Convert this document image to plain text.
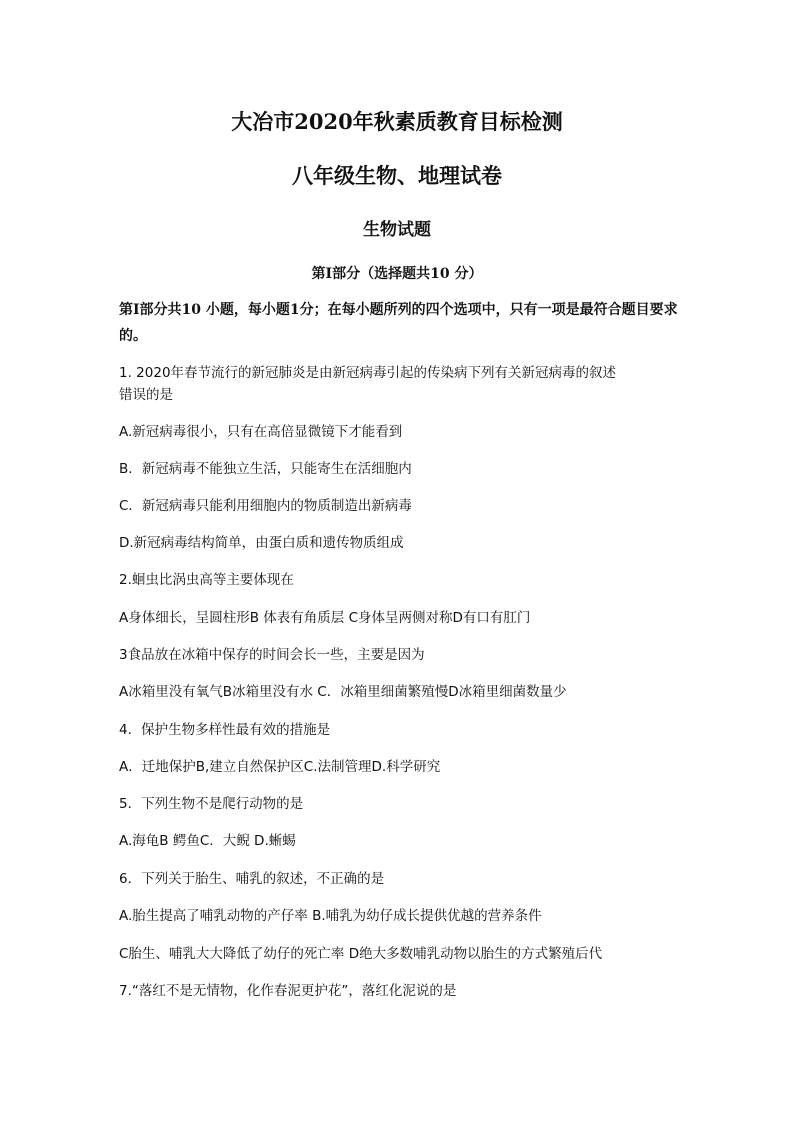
大冶市2020年秋素质教育目标检测
八年级生物、地理试卷
生物试题
第Ⅰ部分（选择题共10 分）
第Ⅰ部分共10 小题，每小题1分；在每小题所列的四个选项中，只有一项是最符合题目要求的。
1. 2020年春节流行的新冠肺炎是由新冠病毒引起的传染病下列有关新冠病毒的叙述
错误的是
A.新冠病毒很小，只有在高倍显微镜下才能看到
B．新冠病毒不能独立生活，只能寄生在活细胞内
C．新冠病毒只能利用细胞内的物质制造出新病毒
D.新冠病毒结构简单，由蛋白质和遗传物质组成
2.蛔虫比涡虫高等主要体现在
A身体细长，呈圆柱形B 体表有角质层 C身体呈两侧对称D有口有肛门
3食品放在冰箱中保存的时间会长一些，主要是因为
A冰箱里没有氧气B冰箱里没有水 C．冰箱里细菌繁殖慢D冰箱里细菌数量少
4．保护生物多样性最有效的措施是
A．迁地保护B,建立自然保护区C.法制管理D.科学研究
5．下列生物不是爬行动物的是
A.海龟B 鳄鱼C．大鲵 D.蜥蜴
6．下列关于胎生、哺乳的叙述，不正确的是
A.胎生提高了哺乳动物的产仔率 B.哺乳为幼仔成长提供优越的营养条件
C胎生、哺乳大大降低了幼仔的死亡率 D绝大多数哺乳动物以胎生的方式繁殖后代
7.“落红不是无情物，化作春泥更护花”，落红化泥说的是
